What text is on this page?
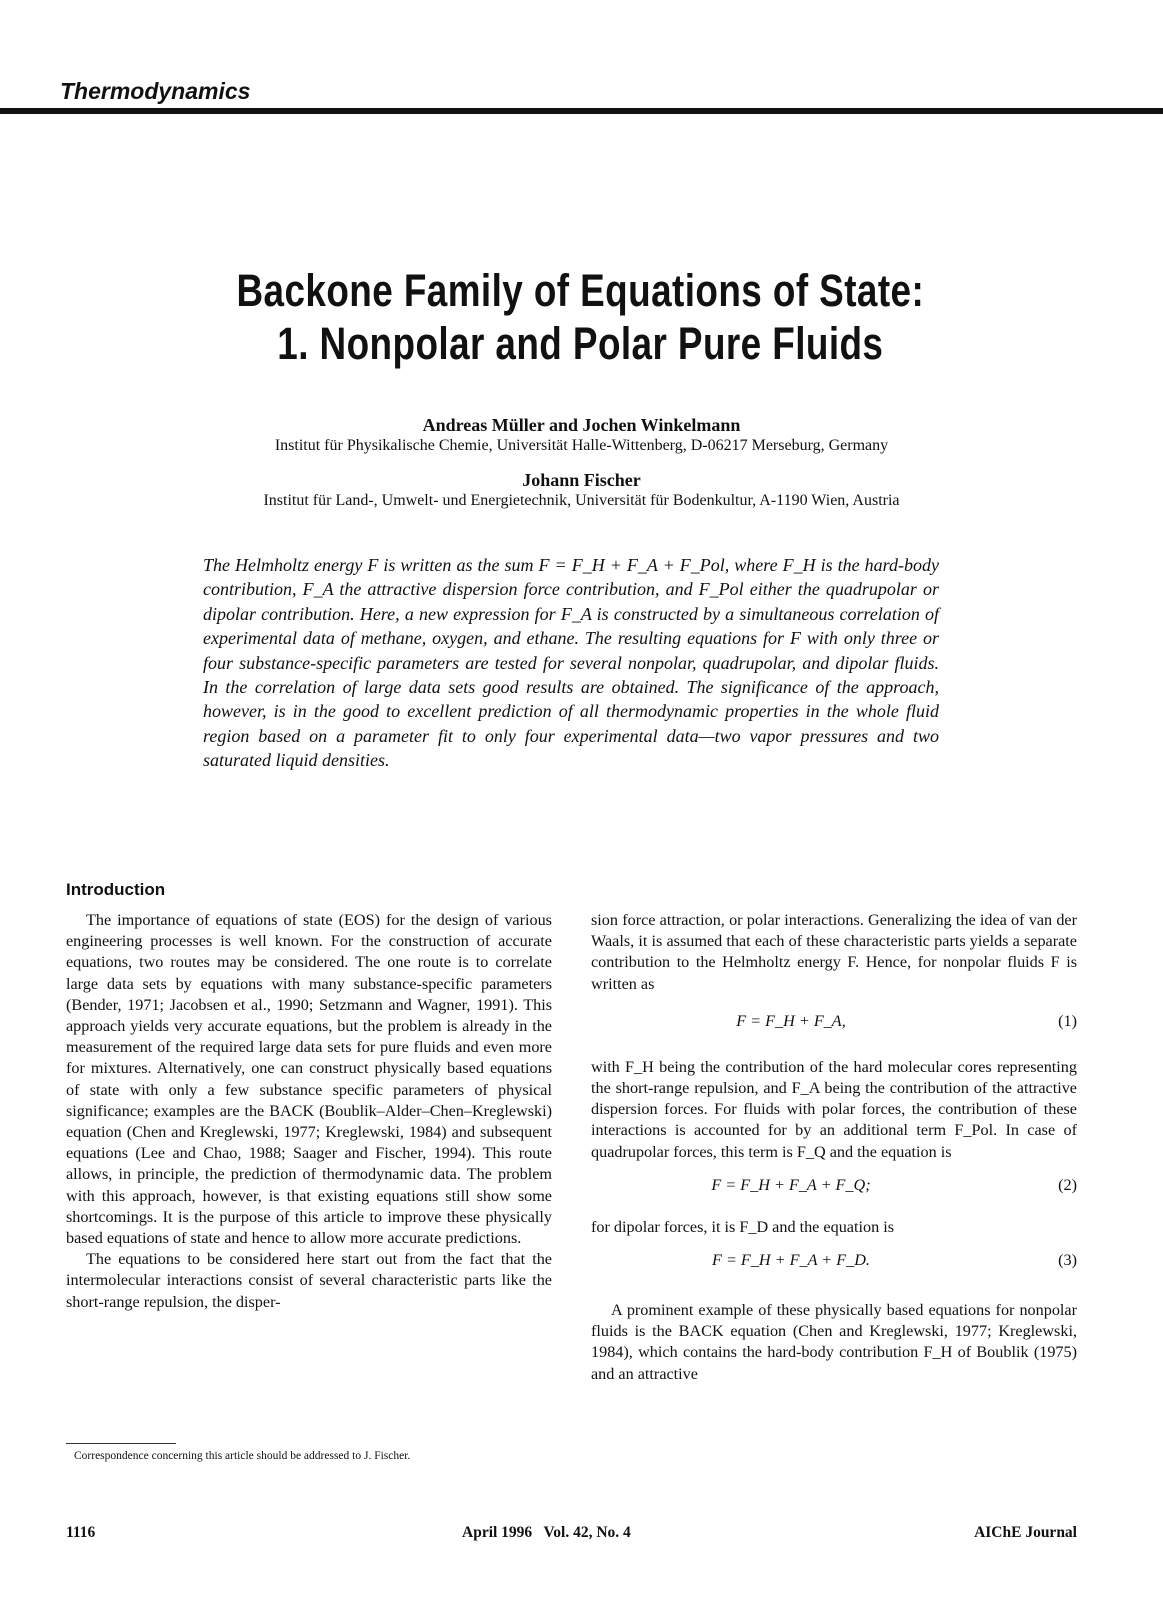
Thermodynamics
Backone Family of Equations of State:
1. Nonpolar and Polar Pure Fluids
Andreas Müller and Jochen Winkelmann
Institut für Physikalische Chemie, Universität Halle-Wittenberg, D-06217 Merseburg, Germany
Johann Fischer
Institut für Land-, Umwelt- und Energietechnik, Universität für Bodenkultur, A-1190 Wien, Austria
The Helmholtz energy F is written as the sum F = F_H + F_A + F_Pol, where F_H is the hard-body contribution, F_A the attractive dispersion force contribution, and F_Pol either the quadrupolar or dipolar contribution. Here, a new expression for F_A is constructed by a simultaneous correlation of experimental data of methane, oxygen, and ethane. The resulting equations for F with only three or four substance-specific parameters are tested for several nonpolar, quadrupolar, and dipolar fluids. In the correlation of large data sets good results are obtained. The significance of the approach, however, is in the good to excellent prediction of all thermodynamic properties in the whole fluid region based on a parameter fit to only four experimental data—two vapor pressures and two saturated liquid densities.
Introduction

The importance of equations of state (EOS) for the design of various engineering processes is well known. For the construction of accurate equations, two routes may be considered. The one route is to correlate large data sets by equations with many substance-specific parameters (Bender, 1971; Jacobsen et al., 1990; Setzmann and Wagner, 1991). This approach yields very accurate equations, but the problem is already in the measurement of the required large data sets for pure fluids and even more for mixtures. Alternatively, one can construct physically based equations of state with only a few substance specific parameters of physical significance; examples are the BACK (Boublik–Alder–Chen–Kreglewski) equation (Chen and Kreglewski, 1977; Kreglewski, 1984) and subsequent equations (Lee and Chao, 1988; Saager and Fischer, 1994). This route allows, in principle, the prediction of thermodynamic data. The problem with this approach, however, is that existing equations still show some shortcomings. It is the purpose of this article to improve these physically based equations of state and hence to allow more accurate predictions.

The equations to be considered here start out from the fact that the intermolecular interactions consist of several characteristic parts like the short-range repulsion, the disper-

sion force attraction, or polar interactions. Generalizing the idea of van der Waals, it is assumed that each of these characteristic parts yields a separate contribution to the Helmholtz energy F. Hence, for nonpolar fluids F is written as

F = F_H + F_A,	(1)

with F_H being the contribution of the hard molecular cores representing the short-range repulsion, and F_A being the contribution of the attractive dispersion forces. For fluids with polar forces, the contribution of these interactions is accounted for by an additional term F_Pol. In case of quadrupolar forces, this term is F_Q and the equation is

F = F_H + F_A + F_Q;	(2)

for dipolar forces, it is F_D and the equation is

F = F_H + F_A + F_D.	(3)

A prominent example of these physically based equations for nonpolar fluids is the BACK equation (Chen and Kreglewski, 1977; Kreglewski, 1984), which contains the hard-body contribution F_H of Boublik (1975) and an attractive

Correspondence concerning this article should be addressed to J. Fischer.
1116	April 1996   Vol. 42, No. 4	AIChE Journal
